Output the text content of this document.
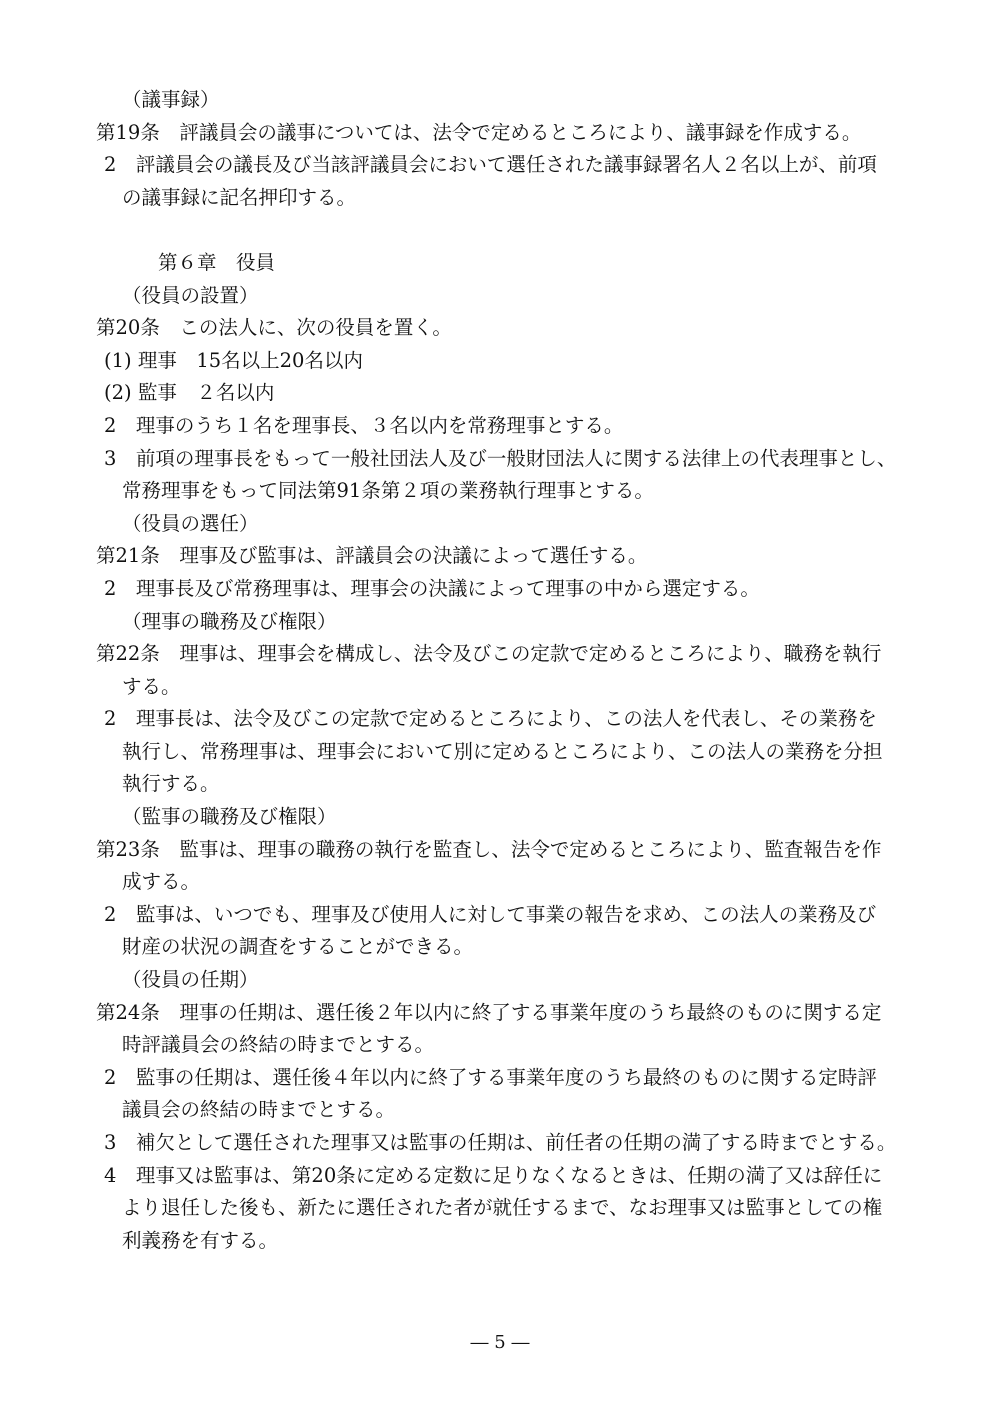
（議事録）
第19条　評議員会の議事については、法令で定めるところにより、議事録を作成する。
2　評議員会の議長及び当該評議員会において選任された議事録署名人２名以上が、前項
の議事録に記名押印する。
第６章　役員
（役員の設置）
第20条　この法人に、次の役員を置く。
(1) 理事　15名以上20名以内
(2) 監事　２名以内
2　理事のうち１名を理事長、３名以内を常務理事とする。
3　前項の理事長をもって一般社団法人及び一般財団法人に関する法律上の代表理事とし、
常務理事をもって同法第91条第２項の業務執行理事とする。
（役員の選任）
第21条　理事及び監事は、評議員会の決議によって選任する。
2　理事長及び常務理事は、理事会の決議によって理事の中から選定する。
（理事の職務及び権限）
第22条　理事は、理事会を構成し、法令及びこの定款で定めるところにより、職務を執行
する。
2　理事長は、法令及びこの定款で定めるところにより、この法人を代表し、その業務を
執行し、常務理事は、理事会において別に定めるところにより、この法人の業務を分担
執行する。
（監事の職務及び権限）
第23条　監事は、理事の職務の執行を監査し、法令で定めるところにより、監査報告を作
成する。
2　監事は、いつでも、理事及び使用人に対して事業の報告を求め、この法人の業務及び
財産の状況の調査をすることができる。
（役員の任期）
第24条　理事の任期は、選任後２年以内に終了する事業年度のうち最終のものに関する定
時評議員会の終結の時までとする。
2　監事の任期は、選任後４年以内に終了する事業年度のうち最終のものに関する定時評
議員会の終結の時までとする。
3　補欠として選任された理事又は監事の任期は、前任者の任期の満了する時までとする。
4　理事又は監事は、第20条に定める定数に足りなくなるときは、任期の満了又は辞任に
より退任した後も、新たに選任された者が就任するまで、なお理事又は監事としての権
利義務を有する。
― 5 ―
